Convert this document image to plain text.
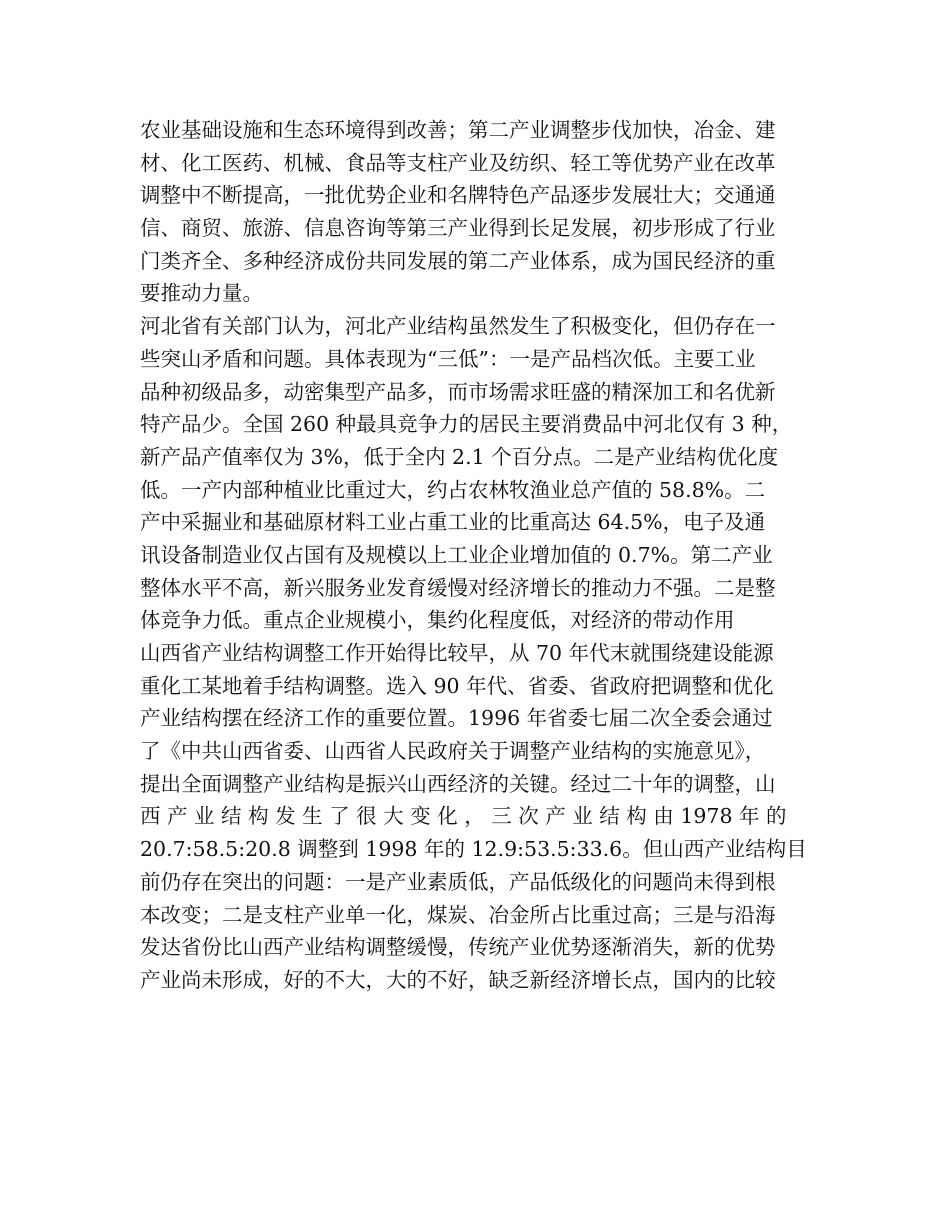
农业基础设施和生态环境得到改善；第二产业调整步伐加快，冶金、建
材、化工医药、机械、食品等支柱产业及纺织、轻工等优势产业在改革
调整中不断提高，一批优势企业和名牌特色产品逐步发展壮大；交通通
信、商贸、旅游、信息咨询等第三产业得到长足发展，初步形成了行业
门类齐全、多种经济成份共同发展的第二产业体系，成为国民经济的重
要推动力量。

河北省有关部门认为，河北产业结构虽然发生了积极变化，但仍存在一
些突山矛盾和问题。具体表现为“三低”：一是产品档次低。主要工业
品种初级品多，动密集型产品多，而市场需求旺盛的精深加工和名优新
特产品少。全国 260 种最具竞争力的居民主要消费品中河北仅有 3 种，
新产品产值率仅为 3%，低于全内 2.1 个百分点。二是产业结构优化度
低。一产内部种植业比重过大，约占农林牧渔业总产值的 58.8%。二
产中采掘业和基础原材料工业占重工业的比重高达 64.5%，电子及通
讯设备制造业仅占国有及规模以上工业企业增加值的 0.7%。第二产业
整体水平不高，新兴服务业发育缓慢对经济增长的推动力不强。二是整
体竞争力低。重点企业规模小，集约化程度低，对经济的带动作用

山西省产业结构调整工作开始得比较早，从 70 年代末就围绕建设能源
重化工某地着手结构调整。选入 90 年代、省委、省政府把调整和优化
产业结构摆在经济工作的重要位置。1996 年省委七届二次全委会通过
了《中共山西省委、山西省人民政府关于调整产业结构的实施意见》，
提出全面调整产业结构是振兴山西经济的关键。经过二十年的调整，山
西 产 业 结 构 发 生 了 很 大 变 化 ， 三 次 产 业 结 构 由 1978 年 的
20.7:58.5:20.8 调整到 1998 年的 12.9:53.5:33.6。但山西产业结构目
前仍存在突出的问题：一是产业素质低，产品低级化的问题尚未得到根
本改变；二是支柱产业单一化，煤炭、冶金所占比重过高；三是与沿海
发达省份比山西产业结构调整缓慢，传统产业优势逐渐消失，新的优势
产业尚未形成，好的不大，大的不好，缺乏新经济增长点，国内的比较
